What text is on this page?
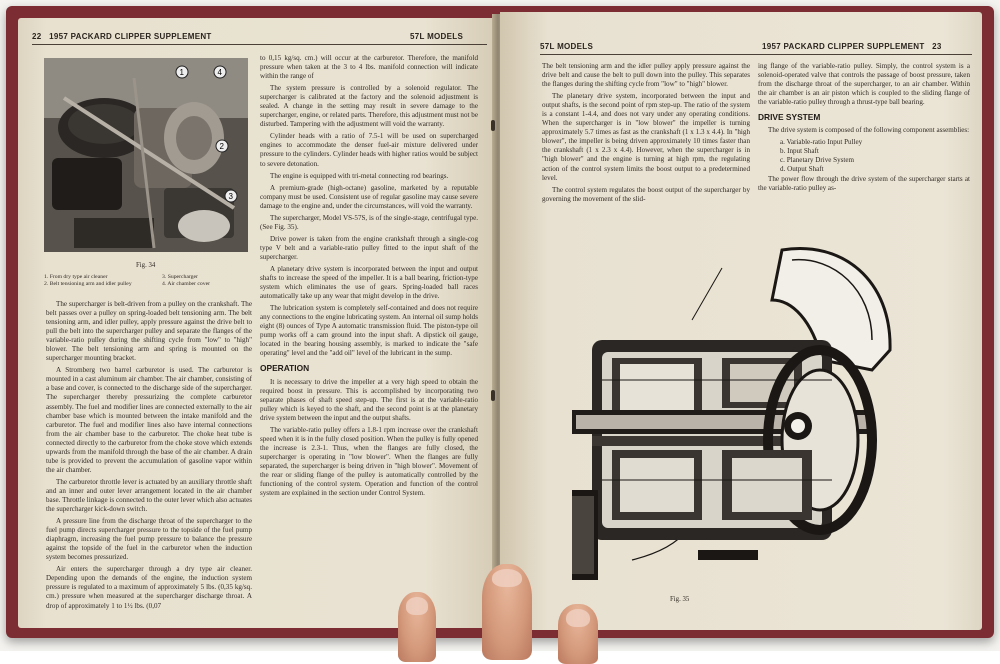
22 1957 PACKARD CLIPPER SUPPLEMENT	57L MODELS
1
2
3
4
Fig. 34
1. From dry type air cleaner	3. Supercharger
2. Belt tensioning arm and idler pulley	4. Air chamber cover

The supercharger is belt-driven from a pulley on the crankshaft. The belt passes over a pulley on spring-loaded belt tensioning arm. The belt tensioning arm, and idler pulley, apply pressure against the drive belt to pull the belt into the supercharger pulley and separate the flanges of the variable-ratio pulley during the shifting cycle from "low" to "high" blower. The belt tensioning arm and spring is mounted on the supercharger mounting bracket.

A Stromberg two barrel carburetor is used. The carburetor is mounted in a cast aluminum air chamber. The air chamber, consisting of a base and cover, is connected to the discharge side of the supercharger. The supercharger thereby pressurizing the complete carburetor assembly. The fuel and modifier lines are connected externally to the air chamber base which is mounted between the intake manifold and the carburetor. The fuel and modifier lines also have internal connections from the air chamber base to the carburetor. The choke heat tube is connected directly to the carburetor from the choke stove which extends upwards from the manifold through the base of the air chamber. A drain tube is provided to prevent the accumulation of gasoline vapor within the air chamber.

The carburetor throttle lever is actuated by an auxiliary throttle shaft and an inner and outer lever arrangement located in the air chamber base. Throttle linkage is connected to the outer lever which also actuates the supercharger kick-down switch.

A pressure line from the discharge throat of the supercharger to the fuel pump directs supercharger pressure to the topside of the fuel pump diaphragm, increasing the fuel pump pressure to balance the pressure against the topside of the fuel in the carburetor when the induction system becomes pressurized.

Air enters the supercharger through a dry type air cleaner. Depending upon the demands of the engine, the induction system pressure is regulated to a maximum of approximately 5 lbs. (0,35 kg/sq. cm.) pressure when measured at the supercharger discharge throat. A drop of approximately 1 to 1½ lbs. (0,07

to 0,15 kg/sq. cm.) will occur at the carburetor. Therefore, the manifold pressure when taken at the 3 to 4 lbs. manifold connection will indicate within the range of

The system pressure is controlled by a solenoid regulator. The supercharger is calibrated at the factory and the solenoid adjustment is sealed. A change in the setting may result in severe damage to the supercharger, engine, or related parts. Therefore, this adjustment must not be disturbed. Tampering with the adjustment will void the warranty.

Cylinder heads with a ratio of 7.5-1 will be used on supercharged engines to accommodate the denser fuel-air mixture delivered under pressure to the cylinders. Cylinder heads with higher ratios would be subject to severe detonation.

The engine is equipped with tri-metal connecting rod bearings.

A premium-grade (high-octane) gasoline, marketed by a reputable company must be used. Consistent use of regular gasoline may cause severe damage to the engine and, under the circumstances, will void the warranty.

The supercharger, Model VS-57S, is of the single-stage, centrifugal type. (See Fig. 35).

Drive power is taken from the engine crankshaft through a single-cog type V belt and a variable-ratio pulley fitted to the input shaft of the supercharger.

A planetary drive system is incorporated between the input and output shafts to increase the speed of the impeller. It is a ball bearing, friction-type system which eliminates the use of gears. Spring-loaded ball races automatically take up any wear that might develop in the drive.

The lubrication system is completely self-contained and does not require any connections to the engine lubricating system. An internal oil sump holds eight (8) ounces of Type A automatic transmission fluid. The piston-type oil pump works off a cam ground into the input shaft. A dipstick oil gauge, located in the bearing housing assembly, is marked to indicate the "safe operating" level and the "add oil" level of the lubricant in the sump.

OPERATION

It is necessary to drive the impeller at a very high speed to obtain the required boost in pressure. This is accomplished by incorporating two separate phases of shaft speed step-up. The first is at the variable-ratio pulley which is keyed to the shaft, and the second point is at the planetary drive system between the input and the output shafts.

The variable-ratio pulley offers a 1.8-1 rpm increase over the crankshaft speed when it is in the fully closed position. When the pulley is fully opened the increase is 2.3-1. Thus, when the flanges are fully closed, the supercharger is operating in "low blower". When the flanges are fully separated, the supercharger is being driven in "high blower". Movement of the rear or sliding flange of the pulley is automatically controlled by the functioning of the control system. Operation and function of the control system are explained in the section under Control System.

57L MODELS	1957 PACKARD CLIPPER SUPPLEMENT 23

The belt tensioning arm and the idler pulley apply pressure against the drive belt and cause the belt to pull down into the pulley. This separates the flanges during the shifting cycle from "low" to "high" blower.

The planetary drive system, incorporated between the input and output shafts, is the second point of rpm step-up. The ratio of the system is a constant 1-4.4, and does not vary under any operating conditions. When the supercharger is in "low blower" the impeller is turning approximately 5.7 times as fast as the crankshaft (1 x 1.3 x 4.4). In "high blower", the impeller is being driven approximately 10 times faster than the crankshaft (1 x 2.3 x 4.4). However, when the supercharger is in "high blower" and the engine is turning at high rpm, the regulating action of the control system limits the boost output to a predetermined level.

The control system regulates the boost output of the supercharger by governing the movement of the slid-

ing flange of the variable-ratio pulley. Simply, the control system is a solenoid-operated valve that controls the passage of boost pressure, taken from the discharge throat of the supercharger, to an air chamber. Within the air chamber is an air piston which is coupled to the sliding flange of the variable-ratio pulley through a thrust-type ball bearing.

DRIVE SYSTEM

The drive system is composed of the following component assemblies:

a. Variable-ratio Input Pulley

b. Input Shaft

c. Planetary Drive System

d. Output Shaft

The power flow through the drive system of the supercharger starts at the variable-ratio pulley as-

Fig. 35
